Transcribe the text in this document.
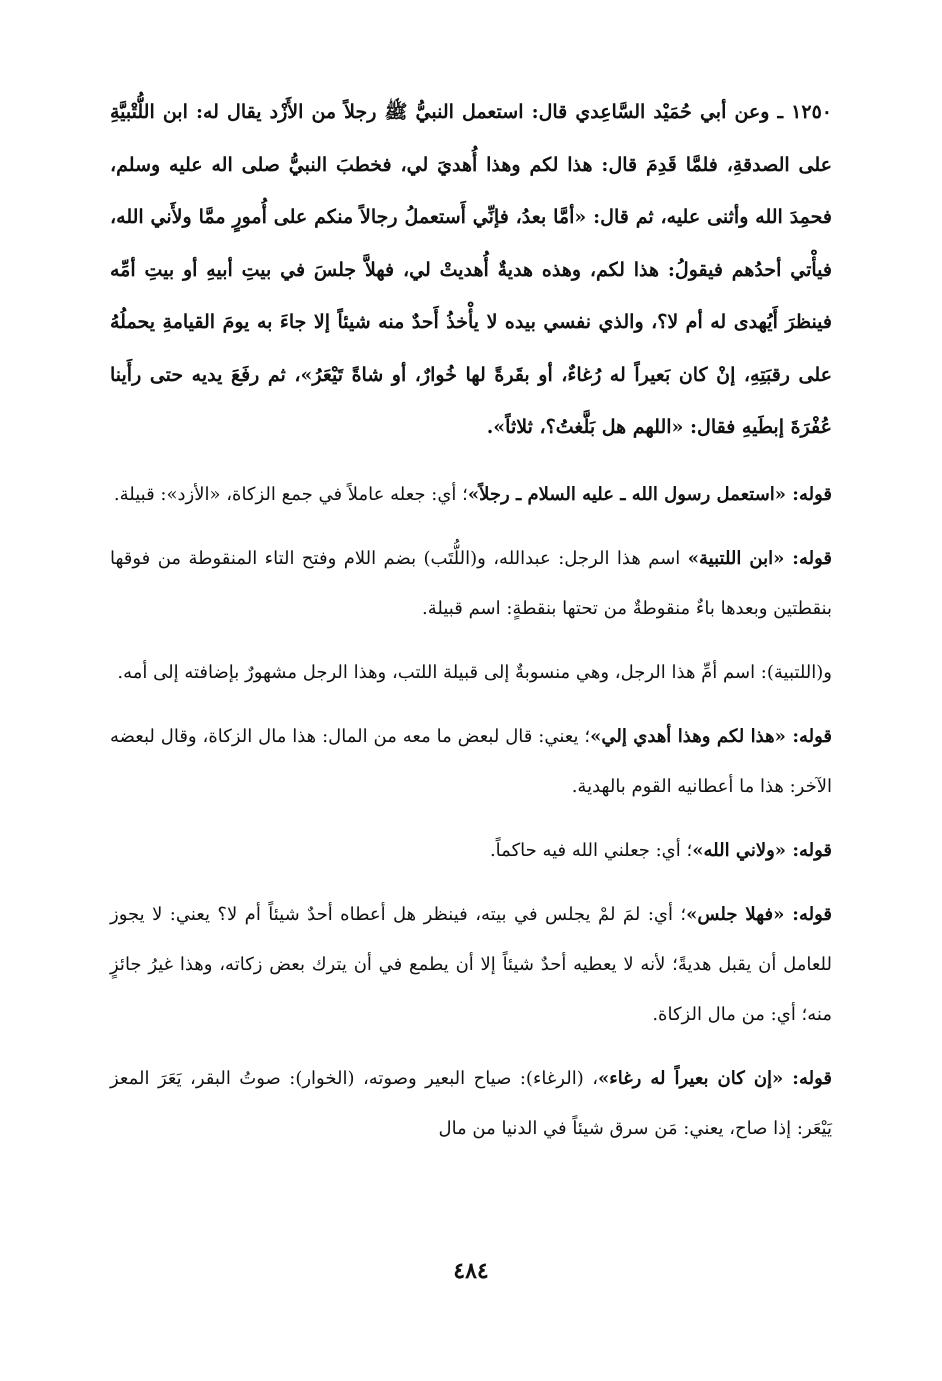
١٢٥٠ ـ وعن أبي حُمَيْد السَّاعِدي قال: استعمل النبيُّ ﷺ رجلاً من الأَزْد يقال له: ابن اللُّتْبيَّةِ على الصدقةِ، فلمَّا قَدِمَ قال: هذا لكم وهذا أُهديَ لي، فخطبَ النبيُّ صلى اله عليه وسلم، فحمِدَ الله وأثنى عليه، ثم قال: «أمَّا بعدُ، فإنِّي أَستعملُ رجالاً منكم على أُمورٍ ممَّا ولأَني الله، فيأْتي أحدُهم فيقولُ: هذا لكم، وهذه هديةٌ أُهديتْ لي، فهلاَّ جلسَ في بيتِ أبيهِ أو بيتِ أمِّه فينظرَ أَيُهدى له أم لا؟، والذي نفسي بيده لا يأْخذُ أَحدٌ منه شيئاً إلا جاءَ به يومَ القيامةِ يحملُهُ على رقبَتِهِ، إنْ كان بَعيراً له رُغاءٌ، أو بقَرةً لها خُوارٌ، أو شاةً تَيْعَرُ»، ثم رفَعَ يديه حتى رأَينا عُفْرَةَ إبطَيهِ فقال: «اللهم هل بَلَّغتُ؟، ثلاثاً».

قوله: «استعمل رسول الله ـ عليه السلام ـ رجلاً»؛ أي: جعله عاملاً في جمع الزكاة، «الأزد»: قبيلة.

قوله: «ابن اللتبية» اسم هذا الرجل: عبدالله، و(اللُّتَب) بضم اللام وفتح التاء المنقوطة من فوقها بنقطتين وبعدها باءٌ منقوطةٌ من تحتها بنقطةٍ: اسم قبيلة.

و(اللتبية): اسم أمِّ هذا الرجل، وهي منسوبةٌ إلى قبيلة اللتب، وهذا الرجل مشهورٌ بإضافته إلى أمه.

قوله: «هذا لكم وهذا أهدي إلي»؛ يعني: قال لبعض ما معه من المال: هذا مال الزكاة، وقال لبعضه الآخر: هذا ما أعطانيه القوم بالهدية.

قوله: «ولاني الله»؛ أي: جعلني الله فيه حاكماً.

قوله: «فهلا جلس»؛ أي: لمَ لمْ يجلس في بيته، فينظر هل أعطاه أحدٌ شيئاً أم لا؟ يعني: لا يجوز للعامل أن يقبل هديةً؛ لأنه لا يعطيه أحدٌ شيئاً إلا أن يطمع في أن يترك بعض زكاته، وهذا غيرُ جائزٍ منه؛ أي: من مال الزكاة.

قوله: «إن كان بعيراً له رغاء»، (الرغاء): صياح البعير وصوته، (الخوار): صوتُ البقر، يَعَرَ المعز يَيْعَر: إذا صاح، يعني: مَن سرق شيئاً في الدنيا من مال

٤٨٤
